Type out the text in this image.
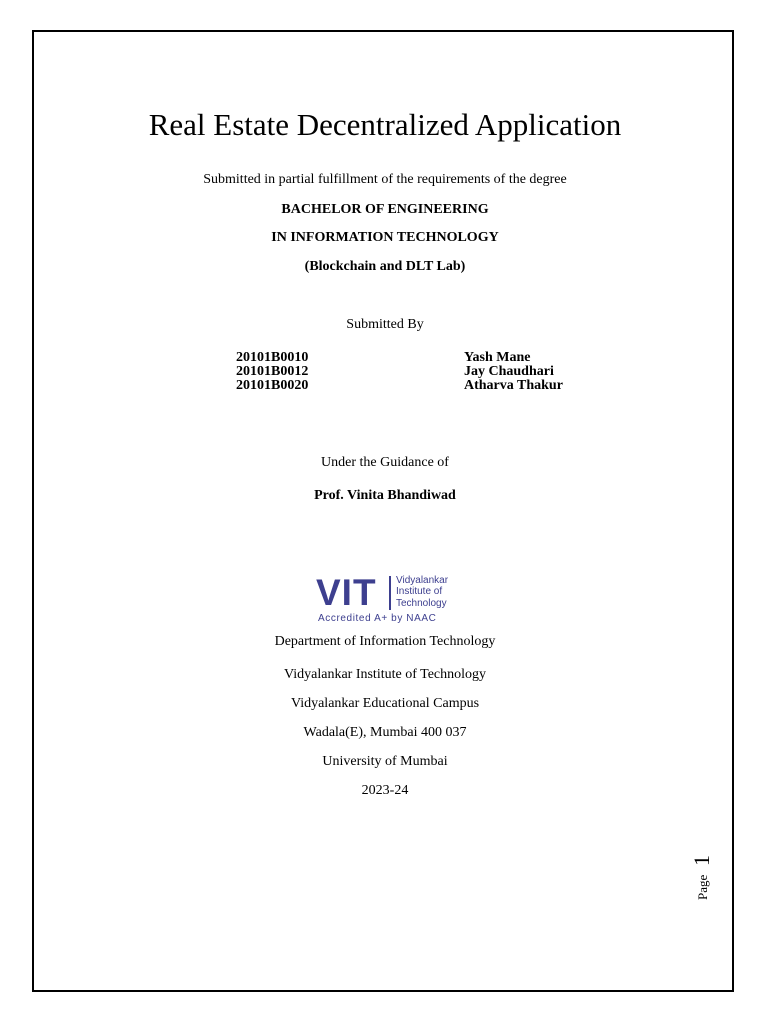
Real Estate Decentralized Application
Submitted in partial fulfillment of the requirements of the degree
BACHELOR OF ENGINEERING
IN INFORMATION TECHNOLOGY
(Blockchain and DLT Lab)
Submitted By
20101B0010	Yash Mane
20101B0012	Jay Chaudhari
20101B0020	Atharva Thakur
Under the Guidance of
Prof. Vinita Bhandiwad
VIT Vidyalankar
Institute of
Technology
Accredited A+ by NAAC
Department of Information Technology
Vidyalankar Institute of Technology
Vidyalankar Educational Campus
Wadala(E), Mumbai 400 037
University of Mumbai
2023-24
Page
1
